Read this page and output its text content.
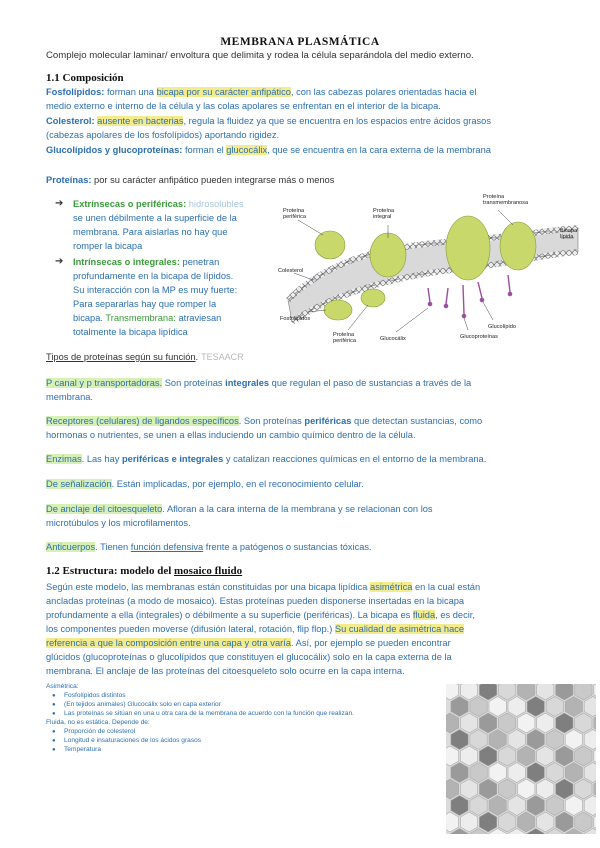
MEMBRANA PLASMÁTICA
Complejo molecular laminar/ envoltura que delimita y rodea la célula separándola del medio externo.
1.1 Composición
Fosfolípidos: forman una bicapa por su carácter anfipático, con las cabezas polares orientadas hacia el
medio externo e interno de la célula y las colas apolares se enfrentan en el interior de la bicapa.
Colesterol: ausente en bacterias, regula la fluidez ya que se encuentra en los espacios entre ácidos grasos
(cabezas apolares de los fosfolípidos) aportando rigidez.
Glucolípidos y glucoproteínas: forman el glucocálix, que se encuentra en la cara externa de la membrana
Proteínas: por su carácter anfipático pueden integrarse más o menos
➔ Extrínsecas o periféricas: hidrosolubles
se unen débilmente a la superficie de la
membrana. Para aislarlas no hay que
romper la bicapa
➔ Intrínsecas o integrales: penetran
profundamente en la bicapa de lípidos.
Su interacción con la MP es muy fuerte:
Para separarlas hay que romper la
bicapa. Transmembrana: atraviesan
totalmente la bicapa lipídica
Proteína periférica
Proteína integral
Proteína transmembranosa
Bicapa lípida
Colesterol
Fosfolípidos
Proteína periférica	Glucocálix
Glucolípido
Glucoproteínas
Tipos de proteínas según su función. TESAACR
P canal y p transportadoras. Son proteínas integrales que regulan el paso de sustancias a través de la
membrana.
Receptores (celulares) de ligandos específicos. Son proteínas periféricas que detectan sustancias, como
hormonas o nutrientes, se unen a ellas induciendo un cambio químico dentro de la célula.
Enzimas. Las hay periféricas e integrales y catalizan reacciones químicas en el entorno de la membrana.
De señalización. Están implicadas, por ejemplo, en el reconocimiento celular.
De anclaje del citoesqueleto. Afloran a la cara interna de la membrana y se relacionan con los
microtúbulos y los microfilamentos.
Anticuerpos. Tienen función defensiva frente a patógenos o sustancias tóxicas.
1.2 Estructura: modelo del mosaico fluido
Según este modelo, las membranas están constituidas por una bicapa lipídica asimétrica en la cual están
ancladas proteínas (a modo de mosaico). Estas proteínas pueden disponerse insertadas en la bicapa
profundamente a ella (integrales) o débilmente a su superficie (periféricas). La bicapa es fluida, es decir,
los componentes pueden moverse (difusión lateral, rotación, flip flop.) Su cualidad de asimétrica hace
referencia a que la composición entre una capa y otra varía. Así, por ejemplo se pueden encontrar
glúcidos (glucoproteínas o glucolípidos que constituyen el glucocálix) solo en la capa externa de la
membrana. El anclaje de las proteínas del citoesqueleto solo ocurre en la capa interna.
Asimétrica:
● Fosfolípidos distintos
● (En tejidos animales) Glucocálix solo en capa exterior
● Las proteínas se sitúan en una u otra cara de la membrana de acuerdo con la función que realizan.
Fluida, no es estática. Depende de:
● Proporción de colesterol
● Longitud e insaturaciones de los ácidos grasos
● Temperatura
